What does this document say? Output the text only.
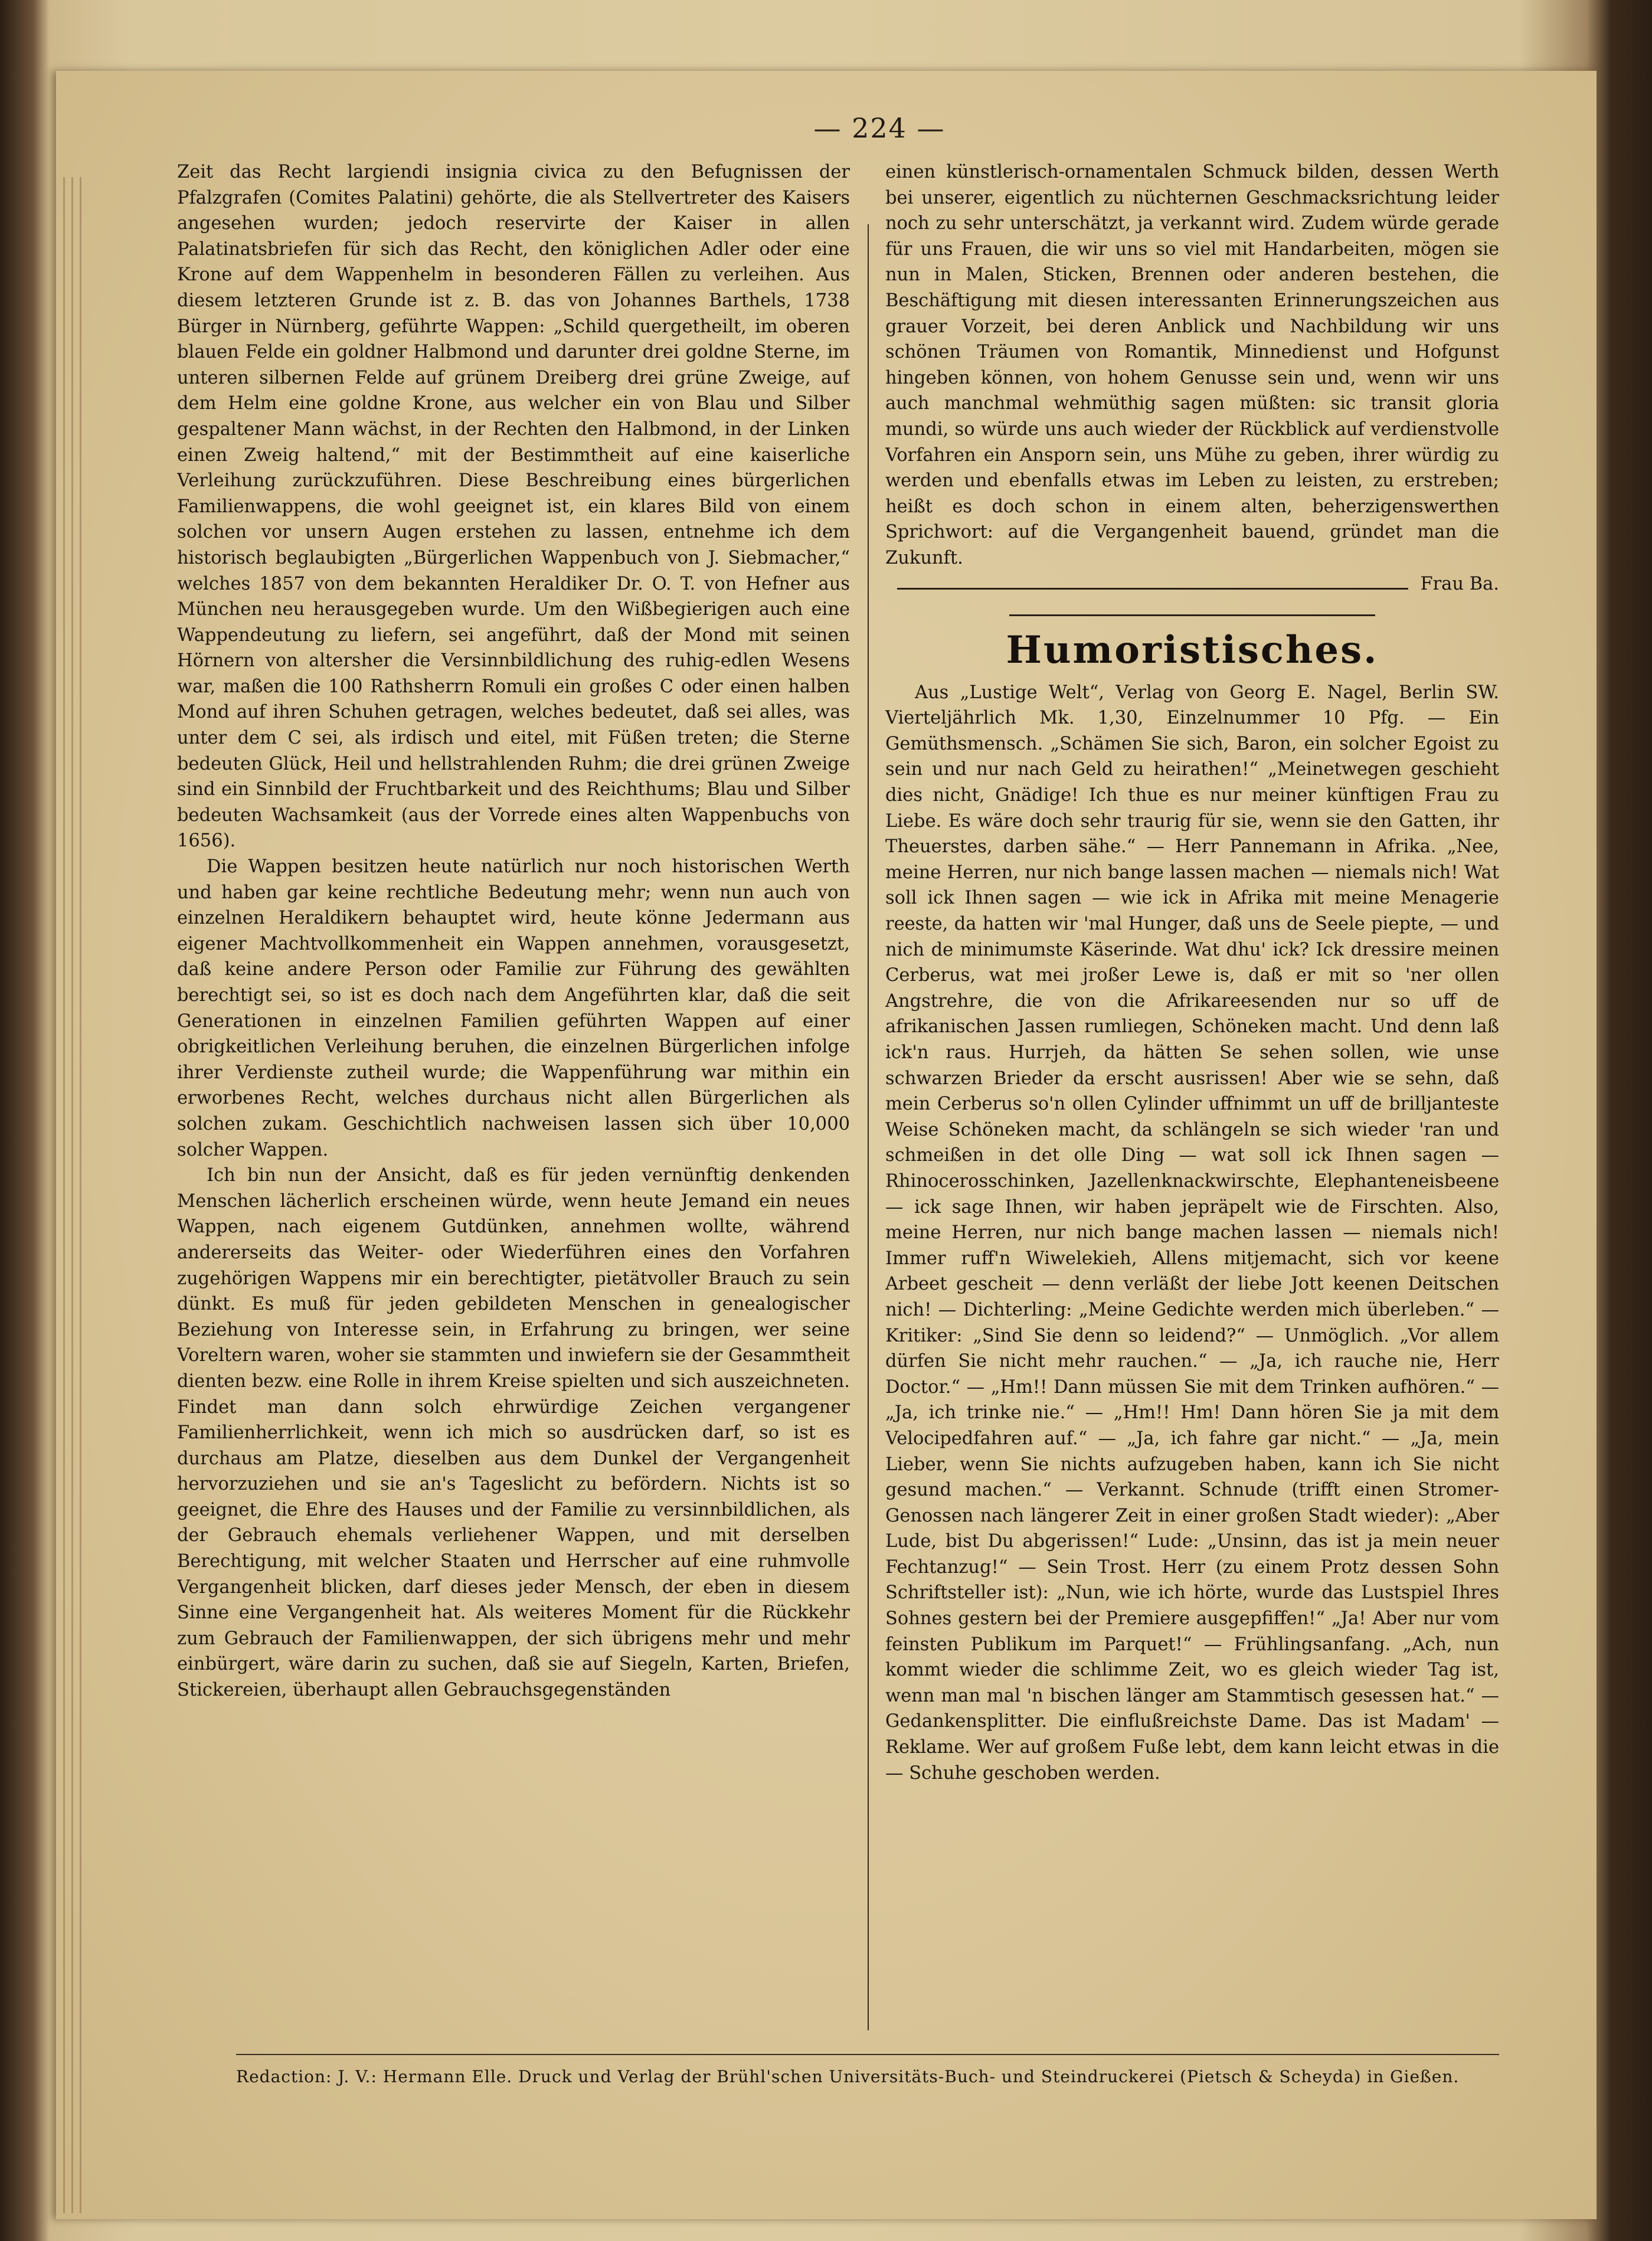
— 224 —

Zeit das Recht largiendi insignia civica zu den Befugnissen der Pfalzgrafen (Comites Palatini) gehörte, die als Stellvertreter des Kaisers angesehen wurden; jedoch reservirte der Kaiser in allen Palatinatsbriefen für sich das Recht, den königlichen Adler oder eine Krone auf dem Wappenhelm in besonderen Fällen zu verleihen. Aus diesem letzteren Grunde ist z. B. das von Johannes Barthels, 1738 Bürger in Nürnberg, geführte Wappen: „Schild quergetheilt, im oberen blauen Felde ein goldner Halbmond und darunter drei goldne Sterne, im unteren silbernen Felde auf grünem Dreiberg drei grüne Zweige, auf dem Helm eine goldne Krone, aus welcher ein von Blau und Silber gespaltener Mann wächst, in der Rechten den Halbmond, in der Linken einen Zweig haltend,“ mit der Bestimmtheit auf eine kaiserliche Verleihung zurückzuführen. Diese Beschreibung eines bürgerlichen Familienwappens, die wohl geeignet ist, ein klares Bild von einem solchen vor unsern Augen erstehen zu lassen, entnehme ich dem historisch beglaubigten „Bürgerlichen Wappenbuch von J. Siebmacher,“ welches 1857 von dem bekannten Heraldiker Dr. O. T. von Hefner aus München neu herausgegeben wurde. Um den Wißbegierigen auch eine Wappendeutung zu liefern, sei angeführt, daß der Mond mit seinen Hörnern von altersher die Versinnbildlichung des ruhig-edlen Wesens war, maßen die 100 Rathsherrn Romuli ein großes C oder einen halben Mond auf ihren Schuhen getragen, welches bedeutet, daß sei alles, was unter dem C sei, als irdisch und eitel, mit Füßen treten; die Sterne bedeuten Glück, Heil und hellstrahlenden Ruhm; die drei grünen Zweige sind ein Sinnbild der Fruchtbarkeit und des Reichthums; Blau und Silber bedeuten Wachsamkeit (aus der Vorrede eines alten Wappenbuchs von 1656).

Die Wappen besitzen heute natürlich nur noch historischen Werth und haben gar keine rechtliche Bedeutung mehr; wenn nun auch von einzelnen Heraldikern behauptet wird, heute könne Jedermann aus eigener Machtvollkommenheit ein Wappen annehmen, vorausgesetzt, daß keine andere Person oder Familie zur Führung des gewählten berechtigt sei, so ist es doch nach dem Angeführten klar, daß die seit Generationen in einzelnen Familien geführten Wappen auf einer obrigkeitlichen Verleihung beruhen, die einzelnen Bürgerlichen infolge ihrer Verdienste zutheil wurde; die Wappenführung war mithin ein erworbenes Recht, welches durchaus nicht allen Bürgerlichen als solchen zukam. Geschichtlich nachweisen lassen sich über 10,000 solcher Wappen.

Ich bin nun der Ansicht, daß es für jeden vernünftig denkenden Menschen lächerlich erscheinen würde, wenn heute Jemand ein neues Wappen, nach eigenem Gutdünken, annehmen wollte, während andererseits das Weiter- oder Wiederführen eines den Vorfahren zugehörigen Wappens mir ein berechtigter, pietätvoller Brauch zu sein dünkt. Es muß für jeden gebildeten Menschen in genealogischer Beziehung von Interesse sein, in Erfahrung zu bringen, wer seine Voreltern waren, woher sie stammten und inwiefern sie der Gesammtheit dienten bezw. eine Rolle in ihrem Kreise spielten und sich auszeichneten. Findet man dann solch ehrwürdige Zeichen vergangener Familienherrlichkeit, wenn ich mich so ausdrücken darf, so ist es durchaus am Platze, dieselben aus dem Dunkel der Vergangenheit hervorzuziehen und sie an's Tageslicht zu befördern. Nichts ist so geeignet, die Ehre des Hauses und der Familie zu versinnbildlichen, als der Gebrauch ehemals verliehener Wappen, und mit derselben Berechtigung, mit welcher Staaten und Herrscher auf eine ruhmvolle Vergangenheit blicken, darf dieses jeder Mensch, der eben in diesem Sinne eine Vergangenheit hat. Als weiteres Moment für die Rückkehr zum Gebrauch der Familienwappen, der sich übrigens mehr und mehr einbürgert, wäre darin zu suchen, daß sie auf Siegeln, Karten, Briefen, Stickereien, überhaupt allen Gebrauchsgegenständen

einen künstlerisch-ornamentalen Schmuck bilden, dessen Werth bei unserer, eigentlich zu nüchternen Geschmacksrichtung leider noch zu sehr unterschätzt, ja verkannt wird. Zudem würde gerade für uns Frauen, die wir uns so viel mit Handarbeiten, mögen sie nun in Malen, Sticken, Brennen oder anderen bestehen, die Beschäftigung mit diesen interessanten Erinnerungszeichen aus grauer Vorzeit, bei deren Anblick und Nachbildung wir uns schönen Träumen von Romantik, Minnedienst und Hofgunst hingeben können, von hohem Genusse sein und, wenn wir uns auch manchmal wehmüthig sagen müßten: sic transit gloria mundi, so würde uns auch wieder der Rückblick auf verdienstvolle Vorfahren ein Ansporn sein, uns Mühe zu geben, ihrer würdig zu werden und ebenfalls etwas im Leben zu leisten, zu erstreben; heißt es doch schon in einem alten, beherzigenswerthen Sprichwort: auf die Vergangenheit bauend, gründet man die Zukunft.

Frau Ba.
Humoristisches.

Aus „Lustige Welt“, Verlag von Georg E. Nagel, Berlin SW. Vierteljährlich Mk. 1,30, Einzelnummer 10 Pfg. — Ein Gemüthsmensch. „Schämen Sie sich, Baron, ein solcher Egoist zu sein und nur nach Geld zu heirathen!“ „Meinetwegen geschieht dies nicht, Gnädige! Ich thue es nur meiner künftigen Frau zu Liebe. Es wäre doch sehr traurig für sie, wenn sie den Gatten, ihr Theuerstes, darben sähe.“ — Herr Pannemann in Afrika. „Nee, meine Herren, nur nich bange lassen machen — niemals nich! Wat soll ick Ihnen sagen — wie ick in Afrika mit meine Menagerie reeste, da hatten wir 'mal Hunger, daß uns de Seele piepte, — und nich de minimumste Käserinde. Wat dhu' ick? Ick dressire meinen Cerberus, wat mei jroßer Lewe is, daß er mit so 'ner ollen Angstrehre, die von die Afrikareesenden nur so uff de afrikanischen Jassen rumliegen, Schöneken macht. Und denn laß ick'n raus. Hurrjeh, da hätten Se sehen sollen, wie unse schwarzen Brieder da erscht ausrissen! Aber wie se sehn, daß mein Cerberus so'n ollen Cylinder uffnimmt un uff de brilljanteste Weise Schöneken macht, da schlängeln se sich wieder 'ran und schmeißen in det olle Ding — wat soll ick Ihnen sagen — Rhinocerosschinken, Jazellenknackwirschte, Elephanteneisbeene — ick sage Ihnen, wir haben jepräpelt wie de Firschten. Also, meine Herren, nur nich bange machen lassen — niemals nich! Immer ruff'n Wiwelekieh, Allens mitjemacht, sich vor keene Arbeet gescheit — denn verläßt der liebe Jott keenen Deitschen nich! — Dichterling: „Meine Gedichte werden mich überleben.“ — Kritiker: „Sind Sie denn so leidend?“ — Unmöglich. „Vor allem dürfen Sie nicht mehr rauchen.“ — „Ja, ich rauche nie, Herr Doctor.“ — „Hm!! Dann müssen Sie mit dem Trinken aufhören.“ — „Ja, ich trinke nie.“ — „Hm!! Hm! Dann hören Sie ja mit dem Velocipedfahren auf.“ — „Ja, ich fahre gar nicht.“ — „Ja, mein Lieber, wenn Sie nichts aufzugeben haben, kann ich Sie nicht gesund machen.“ — Verkannt. Schnude (trifft einen Stromer-Genossen nach längerer Zeit in einer großen Stadt wieder): „Aber Lude, bist Du abgerissen!“ Lude: „Unsinn, das ist ja mein neuer Fechtanzug!“ — Sein Trost. Herr (zu einem Protz dessen Sohn Schriftsteller ist): „Nun, wie ich hörte, wurde das Lustspiel Ihres Sohnes gestern bei der Premiere ausgepfiffen!“ „Ja! Aber nur vom feinsten Publikum im Parquet!“ — Frühlingsanfang. „Ach, nun kommt wieder die schlimme Zeit, wo es gleich wieder Tag ist, wenn man mal 'n bischen länger am Stammtisch gesessen hat.“ — Gedankensplitter. Die einflußreichste Dame. Das ist Madam' — Reklame. Wer auf großem Fuße lebt, dem kann leicht etwas in die — Schuhe geschoben werden.

Redaction: J. V.: Hermann Elle. Druck und Verlag der Brühl'schen Universitäts-Buch- und Steindruckerei (Pietsch & Scheyda) in Gießen.
